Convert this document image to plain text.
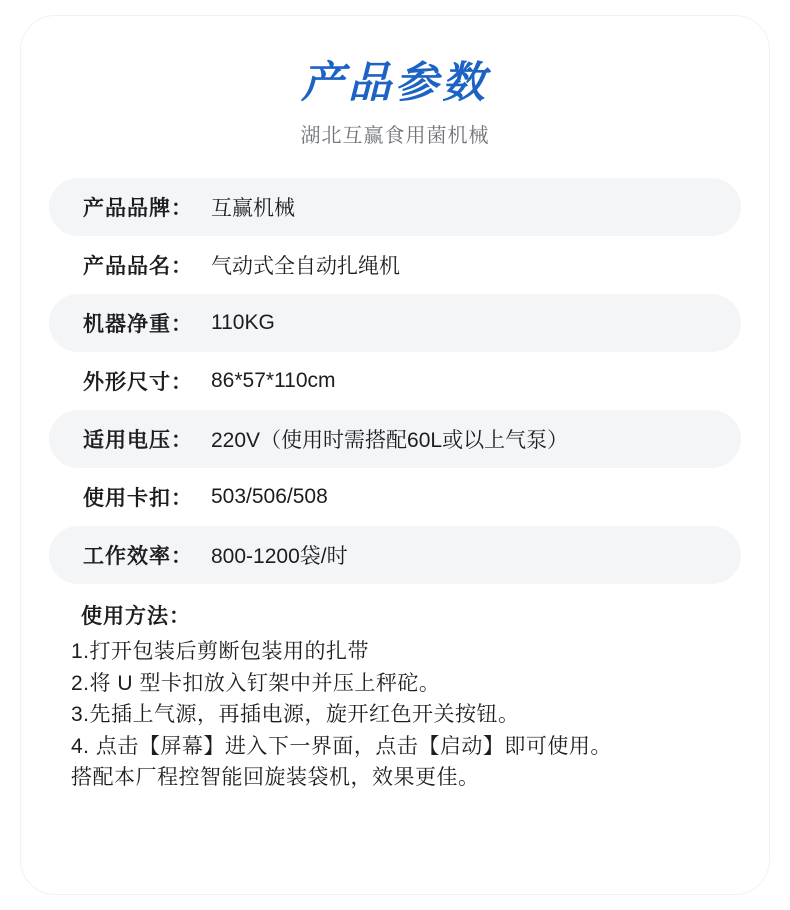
产品参数
湖北互赢食用菌机械
产品品牌： 互赢机械
产品品名： 气动式全自动扎绳机
机器净重： 110KG
外形尺寸： 86*57*110cm
适用电压： 220V（使用时需搭配60L或以上气泵）
使用卡扣： 503/506/508
工作效率： 800-1200袋/时
使用方法：
1.打开包装后剪断包装用的扎带
2.将 U 型卡扣放入钉架中并压上秤砣。
3.先插上气源，再插电源，旋开红色开关按钮。
4. 点击【屏幕】进入下一界面，点击【启动】即可使用。
搭配本厂程控智能回旋装袋机，效果更佳。
